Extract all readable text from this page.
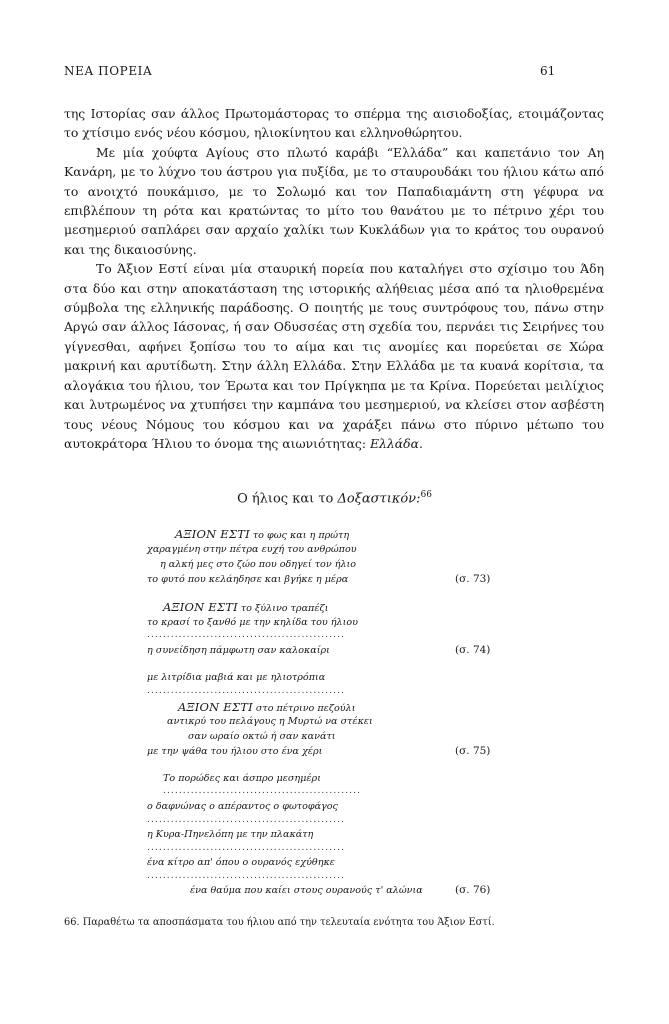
ΝΕΑ ΠΟΡΕΙΑ	61

της Ιστορίας σαν άλλος Πρωτομάστορας το σπέρμα της αισιοδοξίας, ετοιμάζοντας το χτίσιμο ενός νέου κόσμου, ηλιοκίνητου και ελληνοθώρητου.

Με μία χούφτα Αγίους στο πλωτό καράβι “Ελλάδα” και καπετάνιο τον Αη Κανάρη, με το λύχνο του άστρου για πυξίδα, με το σταυρουδάκι του ήλιου κάτω από το ανοιχτό πουκάμισο, με το Σολωμό και τον Παπαδιαμάντη στη γέφυρα να επιβλέπουν τη ρότα και κρατώντας το μίτο του θανάτου με το πέτρινο χέρι του μεσημεριού σαπλάρει σαν αρχαίο χαλίκι των Κυκλάδων για το κράτος του ουρανού και της δικαιοσύνης.

Το Άξιον Εστί είναι μία σταυρική πορεία που καταλήγει στο σχίσιμο του Άδη στα δύο και στην αποκατάσταση της ιστορικής αλήθειας μέσα από τα ηλιοθρεμένα σύμβολα της ελληνικής παράδοσης. Ο ποιητής με τους συντρόφους του, πάνω στην Αργώ σαν άλλος Ιάσονας, ή σαν Οδυσσέας στη σχεδία του, περνάει τις Σειρήνες του γίγνεσθαι, αφήνει ξοπίσω του το αίμα και τις ανομίες και πορεύεται σε Χώρα μακρινή και αρυτίδωτη. Στην άλλη Ελλάδα. Στην Ελλάδα με τα κυανά κορίτσια, τα αλογάκια του ήλιου, τον Έρωτα και τον Πρίγκηπα με τα Κρίνα. Πορεύεται μειλίχιος και λυτρωμένος να χτυπήσει την καμπάνα του μεσημεριού, να κλείσει στον ασβέστη τους νέους Νόμους του κόσμου και να χαράξει πάνω στο πύρινο μέτωπο του αυτοκράτορα Ήλιου το όνομα της αιωνιότητας: Ελλάδα.

Ο ήλιος και το Δοξαστικόν:$^{66}$
ΑΞΙΟΝ ΕΣΤΙ το φως και η πρώτη
χαραγμένη στην πέτρα ευχή του ανθρώπου
η αλκή μες στο ζώο που οδηγεί τον ήλιο
το φυτό που κελάηδησε και βγήκε η μέρα	(σ. 73)
ΑΞΙΟΝ ΕΣΤΙ το ξύλινο τραπέζι
το κρασί το ξανθό με την κηλίδα του ήλιου
..................................................
η συνείδηση πάμφωτη σαν καλοκαίρι	(σ. 74)
με λιτρίδια μαβιά και με ηλιοτρόπια
..................................................
ΑΞΙΟΝ ΕΣΤΙ στο πέτρινο πεζούλι
αντικρύ του πελάγους η Μυρτώ να στέκει
σαν ωραίο οκτώ ή σαν κανάτι
με την ψάθα του ήλιου στο ένα χέρι	(σ. 75)
Το πορώδες και άσπρο μεσημέρι
..................................................
ο δαφνώνας ο απέραντος ο φωτοφάγος
..................................................
η Κυρα-Πηνελόπη με την πλακάτη
..................................................
ένα κίτρο απ' όπου ο ουρανός εχύθηκε
..................................................
ένα θαύμα που καίει στους ουρανούς τ' αλώνια	(σ. 76)
66. Παραθέτω τα αποσπάσματα του ήλιου από την τελευταία ενότητα του Άξιον Εστί.
